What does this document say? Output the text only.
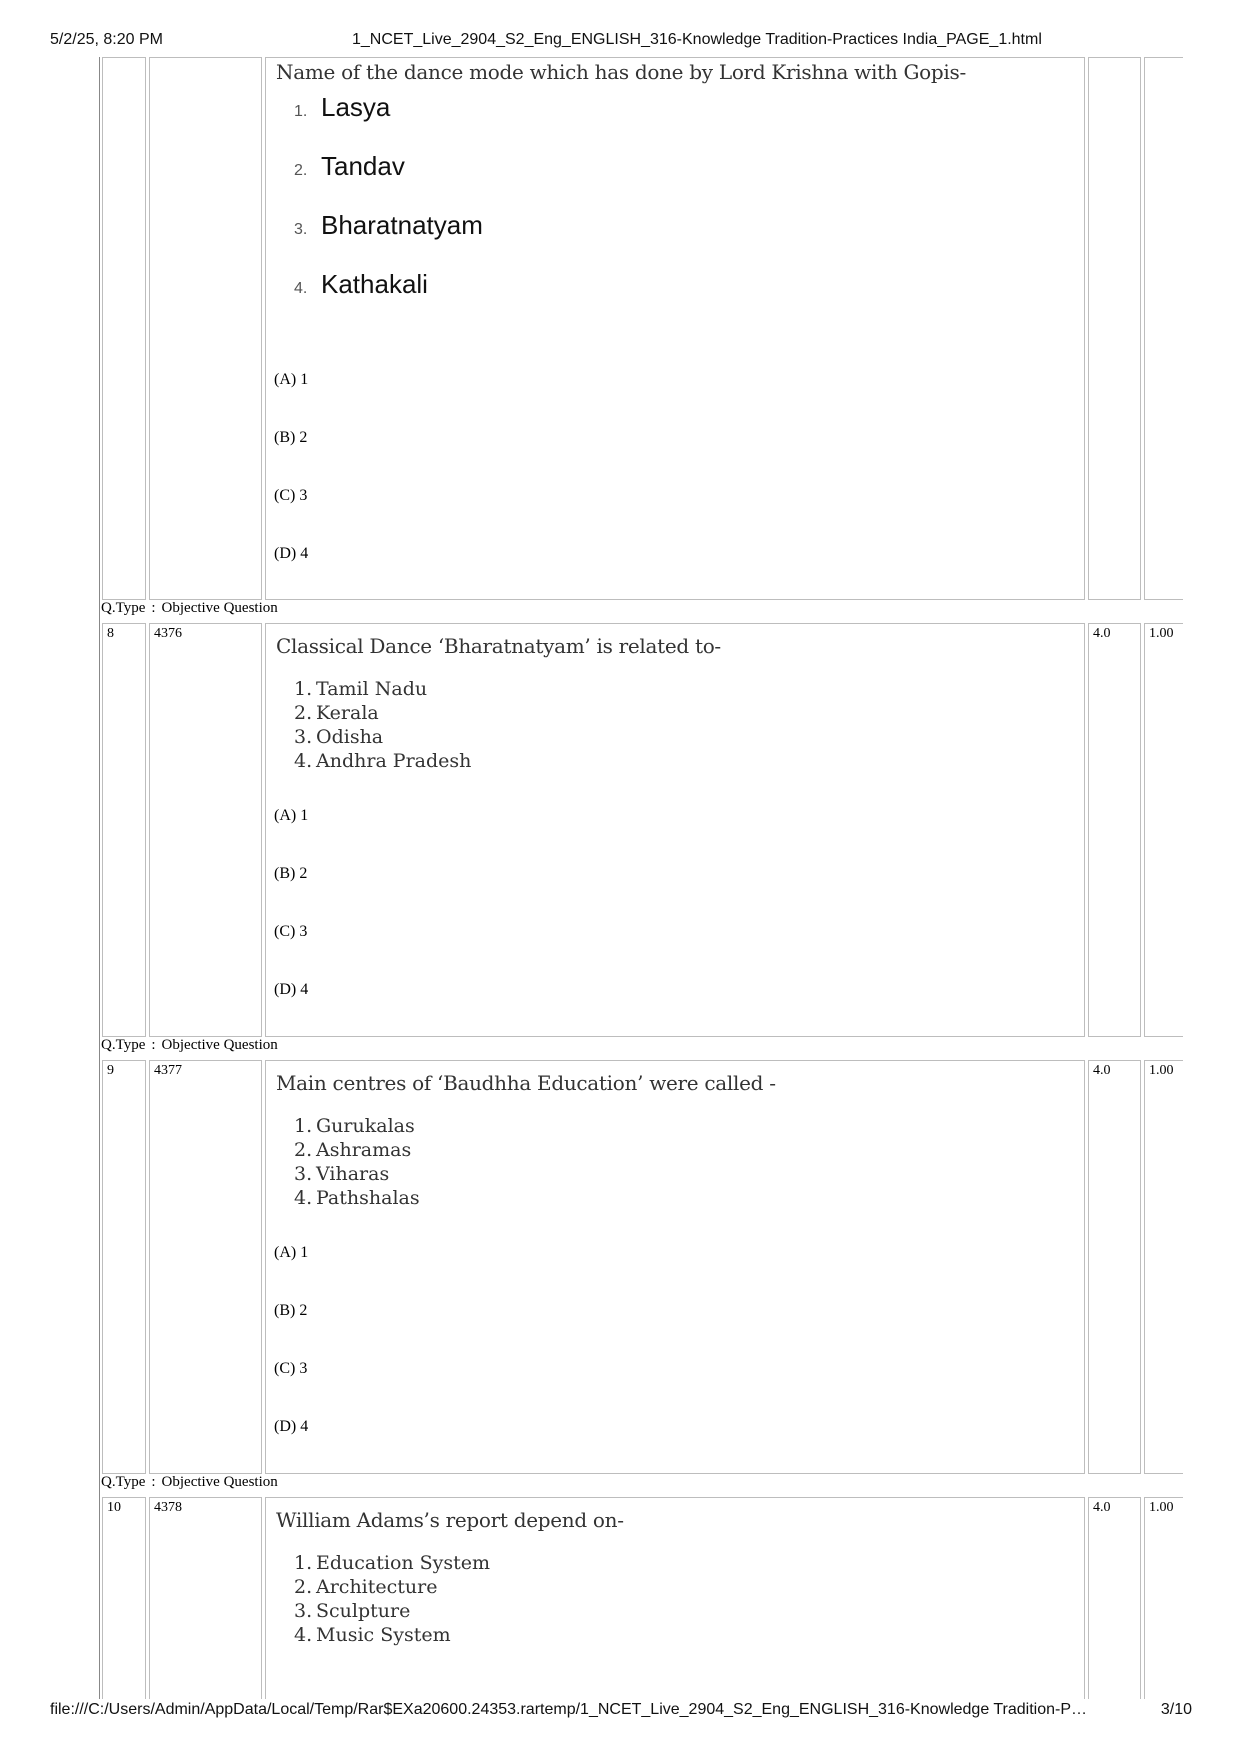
5/2/25, 8:20 PM	1_NCET_Live_2904_S2_Eng_ENGLISH_316-Knowledge Tradition-Practices India_PAGE_1.html
Name of the dance mode which has done by Lord Krishna with Gopis-
1. Lasya
2. Tandav
3. Bharatnatyam
4. Kathakali
(A) 1
(B) 2
(C) 3
(D) 4
Q.Type : Objective Question
8	4376
Classical Dance ‘Bharatnatyam’ is related to-
1. Tamil Nadu
2. Kerala
3. Odisha
4. Andhra Pradesh
(A) 1
(B) 2
(C) 3
(D) 4
4.0	1.00
Q.Type : Objective Question
9	4377
Main centres of ‘Baudhha Education’ were called -
1. Gurukalas
2. Ashramas
3. Viharas
4. Pathshalas
(A) 1
(B) 2
(C) 3
(D) 4
4.0	1.00
Q.Type : Objective Question
10	4378
William Adams’s report depend on-
1. Education System
2. Architecture
3. Sculpture
4. Music System
4.0	1.00
file:///C:/Users/Admin/AppData/Local/Temp/Rar$EXa20600.24353.rartemp/1_NCET_Live_2904_S2_Eng_ENGLISH_316-Knowledge Tradition-P…	3/10
